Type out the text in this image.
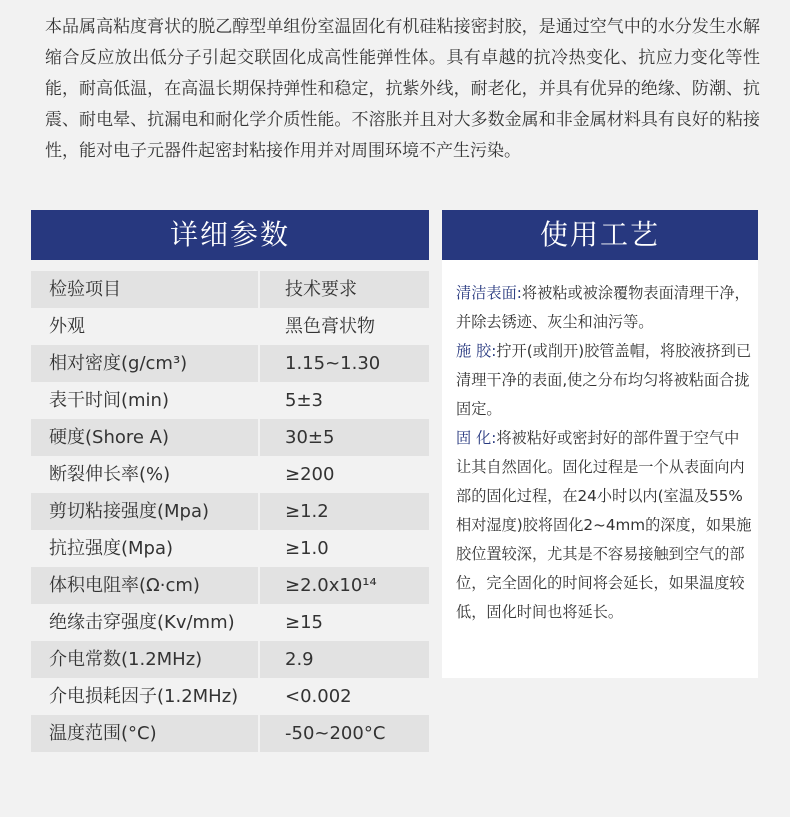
本品属高粘度膏状的脱乙醇型单组份室温固化有机硅粘接密封胶，是通过空气中的水分发生水解缩合反应放出低分子引起交联固化成高性能弹性体。具有卓越的抗冷热变化、抗应力变化等性能，耐高低温，在高温长期保持弹性和稳定，抗紫外线，耐老化，并具有优异的绝缘、防潮、抗震、耐电晕、抗漏电和耐化学介质性能。不溶胀并且对大多数金属和非金属材料具有良好的粘接性，能对电子元器件起密封粘接作用并对周围环境不产生污染。
详细参数	使用工艺
检验项目	技术要求
外观	黑色膏状物
相对密度(g/cm³)	1.15~1.30
表干时间(min)	5±3
硬度(Shore A)	30±5
断裂伸长率(%)	≥200
剪切粘接强度(Mpa)	≥1.2
抗拉强度(Mpa)	≥1.0
体积电阻率(Ω·cm)	≥2.0x10¹⁴
绝缘击穿强度(Kv/mm)	≥15
介电常数(1.2MHz)	2.9
介电损耗因子(1.2MHz)	<0.002
温度范围(°C)	-50~200°C

清洁表面:将被粘或被涂覆物表面清理干净，并除去锈迹、灰尘和油污等。

施 胶:拧开(或削开)胶管盖帽，将胶液挤到已清理干净的表面,使之分布均匀将被粘面合拢固定。

固 化:将被粘好或密封好的部件置于空气中让其自然固化。固化过程是一个从表面向内部的固化过程，在24小时以内(室温及55%相对湿度)胶将固化2~4mm的深度，如果施胶位置较深，尤其是不容易接触到空气的部位，完全固化的时间将会延长，如果温度较低，固化时间也将延长。
